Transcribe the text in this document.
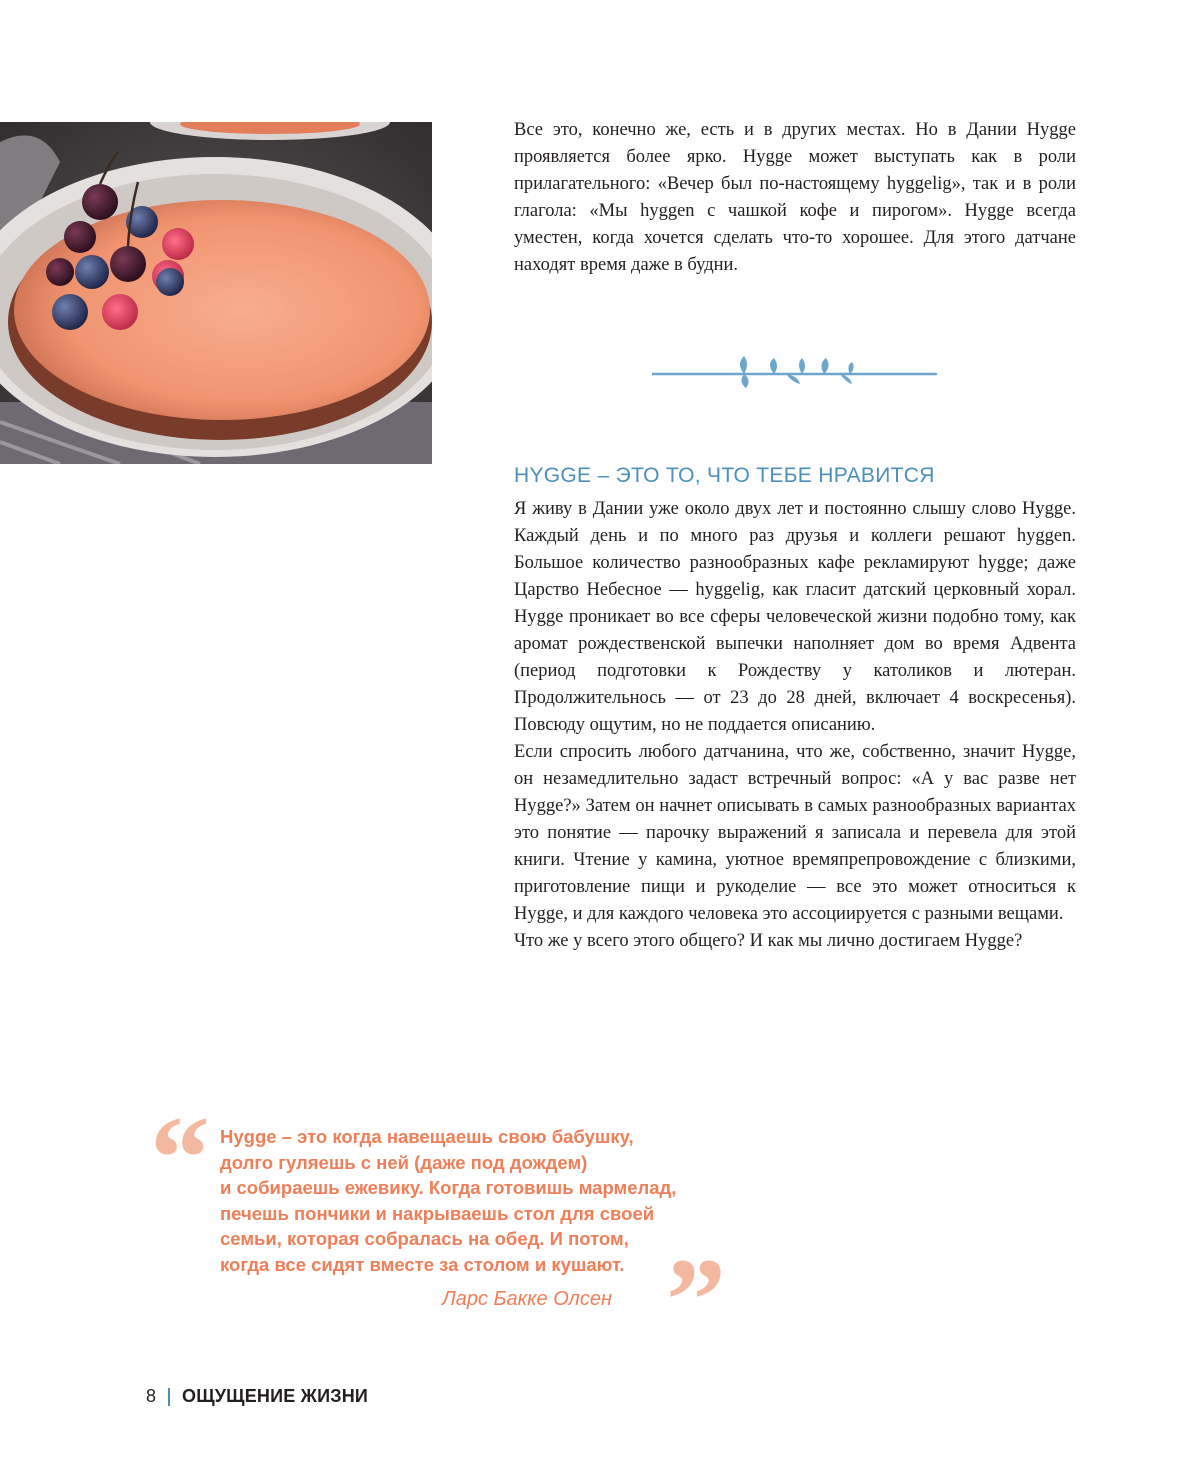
Все это, конечно же, есть и в других местах. Но в Дании Hygge проявляется более ярко. Hygge может выступать как в роли прилагательного: «Вечер был по-настоящему hyggelig», так и в роли глагола: «Мы hyggen с чашкой кофе и пирогом». Hygge всегда уместен, когда хочется сделать что-то хорошее. Для этого датчане находят время даже в будни.

HYGGE – ЭТО ТО, ЧТО ТЕБЕ НРАВИТСЯ

Я живу в Дании уже около двух лет и постоянно слышу слово Hygge. Каждый день и по много раз друзья и коллеги решают hyggen. Большое количество разнообразных кафе рекламируют hygge; даже Царство Небесное — hyggelig, как гласит датский церковный хорал. Hygge проникает во все сферы человеческой жизни подобно тому, как аромат рождественской выпечки наполняет дом во время Адвента (период подготовки к Рождеству у католиков и лютеран. Продолжительнось — от 23 до 28 дней, включает 4 воскресенья). Повсюду ощутим, но не поддается описанию.

Если спросить любого датчанина, что же, собственно, значит Hygge, он незамедлительно задаст встречный вопрос: «А у вас разве нет Hygge?» Затем он начнет описывать в самых разнообразных вариантах это понятие — парочку выражений я записала и перевела для этой книги. Чтение у камина, уютное времяпрепровождение с близкими, приготовление пищи и рукоделие — все это может относиться к Hygge, и для каждого человека это ассоциируется с разными вещами.

Что же у всего этого общего? И как мы лично достигаем Hygge?

“ Hygge – это когда навещаешь свою бабушку,
долго гуляешь с ней (даже под дождем)
и собираешь ежевику. Когда готовишь мармелад,
печешь пончики и накрываешь стол для своей
семьи, которая собралась на обед. И потом,
когда все сидят вместе за столом и кушают. ”
Ларс Бакке Олсен
8 ОЩУЩЕНИЕ ЖИЗНИ
